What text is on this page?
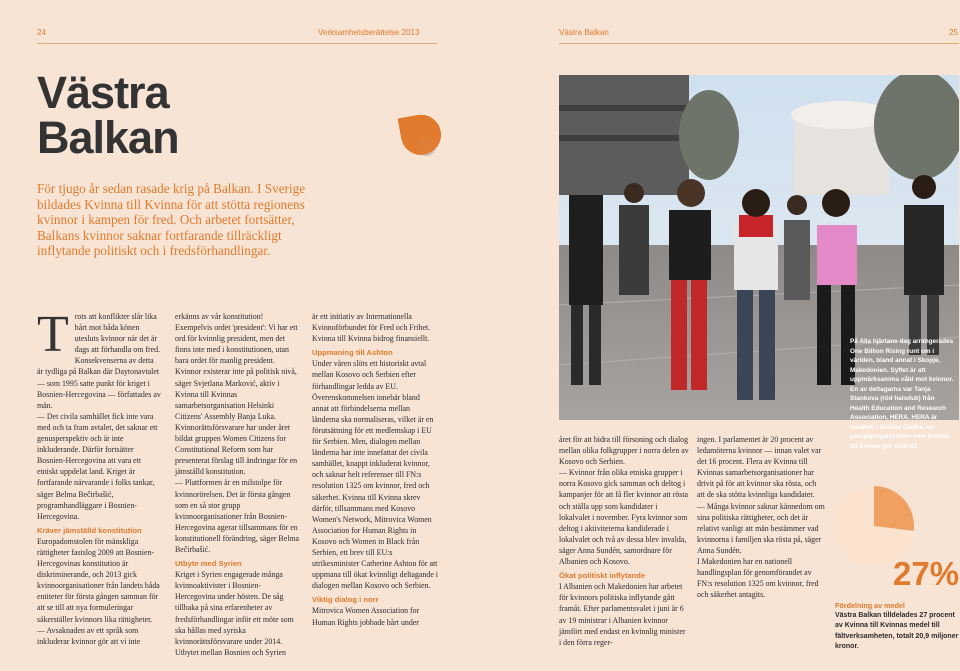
24	Verksamhetsberättelse 2013	Västra Balkan	25
Västra
Balkan
För tjugo år sedan rasade krig på Balkan. I Sverige bildades Kvinna till Kvinna för att stötta regionens kvinnor i kampen för fred. Och arbetet fortsätter, Balkans kvinnor saknar fortfarande tillräckligt inflytande politiskt och i fredsförhandlingar.
T rots att konflikter slår lika hårt mot båda könen utesluts kvinnor när det är dags att förhandla om fred. Konsekvenserna av detta är tydliga på Balkan där Daytonavtalet — som 1995 satte punkt för kriget i Bosnien-Hercegovina — författades av män.

— Det civila samhället fick inte vara med och ta fram avtalet, det saknar ett genusperspektiv och är inte inkluderande. Därför fortsätter Bosnien-Hercegovina att vara ett etniskt uppdelat land. Kriget är fortfarande närvarande i folks tankar, säger Belma Bečirbašić, programhandläggare i Bosnien-Hercegovina.

Kräver jämställd konstitution

Europadomstolen för mänskliga rättigheter fastslog 2009 att Bosnien-Hercegovinas konstitution är diskriminerande, och 2013 gick kvinnoorganisationer från landets båda entiteter för första gången samman för att se till att nya formuleringar säkerställer kvinnors lika rättigheter.

— Avsaknaden av ett språk som inkluderar kvinnor gör att vi inte

erkänns av vår konstitution! Exempelvis ordet 'president': Vi har ett ord för kvinnlig president, men det finns inte med i konstitutionen, utan bara ordet för manlig president. Kvinnor existerar inte på politisk nivå, säger Svjetlana Marković, aktiv i Kvinna till Kvinnas samarbetsorganisation Helsinki Citizens' Assembly Banja Luka.

Kvinnorättsförsvarare har under året bildat gruppen Women Citizens for Constitutional Reform som har presenterat förslag till ändringar för en jämställd konstitution.

— Plattformen är en milstolpe för kvinnorörelsen. Det är första gången som en så stor grupp kvinnoorganisationer från Bosnien-Hercegovina agerar tillsammans för en konstitutionell förändring, säger Belma Bečirbašić.

Utbyte med Syrien

Kriget i Syrien engagerade många kvinnoaktivister i Bosnien-Hercegovina under hösten. De såg tillbaka på sina erfarenheter av fredsförhandlingar inför ett möte som ska hållas med syriska kvinnorättsförsvarare under 2014.

Utbytet mellan Bosnien och Syrien

är ett initiativ av Internationella Kvinnoförbundet för Fred och Frihet. Kvinna till Kvinna bidrog finansiellt.

Uppmaning till Ashton

Under våren slöts ett historiskt avtal mellan Kosovo och Serbien efter förhandlingar ledda av EU. Överenskommelsen innebär bland annat att förbindelserna mellan länderna ska normaliseras, vilket är en förutsättning för ett medlemskap i EU för Serbien. Men, dialogen mellan länderna har inte innefattat det civila samhället, knappt inkluderat kvinnor, och saknar helt referenser till FN:s resolution 1325 om kvinnor, fred och säkerhet. Kvinna till Kvinna skrev därför, tillsammans med Kosovo Women's Network, Mitrovica Women Association for Human Rights in Kosovo och Women in Black från Serbien, ett brev till EU:s utrikesminister Catherine Ashton för att uppmana till ökat kvinnligt deltagande i dialogen mellan Kosovo och Serbien.

Viktig dialog i norr

Mitrovica Women Association for Human Rights jobbade hårt under

På Alla hjärtans dag arrangerades One Billion Rising runt om i världen, bland annat i Skopje, Makedonien. Syftet är att uppmärksamma våld mot kvinnor. En av deltagarna var Tanja Stankova (röd halsduk) från Health Education and Research Association, HERA. HERA är medlem i Shelter Centre, en paraplyorganisation som Kvinna till Kvinna ger stöd till.

året för att bidra till försoning och dialog mellan olika folkgrupper i norra delen av Kosovo och Serbien.

— Kvinnor från olika etniska grupper i norra Kosovo gick samman och deltog i kampanjer för att få fler kvinnor att rösta och ställa upp som kandidater i lokalvalet i november. Fyra kvinnor som deltog i aktiviteterna kandiderade i lokalvalet och två av dessa blev invalda, säger Anna Sundén, samordnare för Albanien och Kosovo.

Ökat politiskt inflytande

I Albanien och Makedonien har arbetet för kvinnors politiska inflytande gått framåt. Efter parlamentsvalet i juni är 6 av 19 ministrar i Albanien kvinnor jämfört med endast en kvinnlig minister i den förra reger-

ingen. I parlamentet är 20 procent av ledamöterna kvinnor — innan valet var det 16 procent. Flera av Kvinna till Kvinnas samarbetsorganisationer har drivit på för att kvinnor ska rösta, och att de ska stötta kvinnliga kandidater.

— Många kvinnor saknar kännedom om sina politiska rättigheter, och det är relativt vanligt att män bestämmer vad kvinnorna i familjen ska rösta på, säger Anna Sundén.

I Makedonien har en nationell handlingsplan för genomförandet av FN:s resolution 1325 om kvinnor, fred och säkerhet antagits.

27%
Fördelning av medel
Västra Balkan tilldelades 27 procent av Kvinna till Kvinnas medel till fältverksamheten, totalt 20,9 miljoner kronor.
